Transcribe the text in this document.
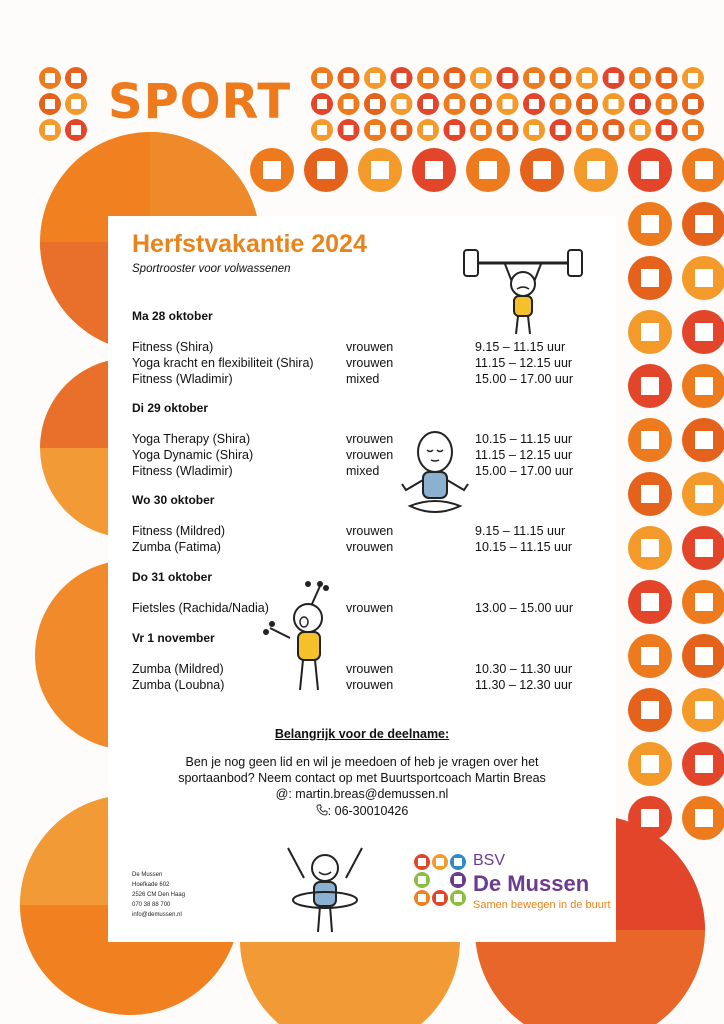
SPORT
Herfstvakantie 2024
Sportrooster voor volwassenen
Ma 28 oktober
Fitness (Shira)	vrouwen	9.15 – 11.15 uur
Yoga kracht en flexibiliteit (Shira)	vrouwen	11.15 – 12.15 uur
Fitness (Wladimir)	mixed	15.00 – 17.00 uur
Di 29 oktober
Yoga Therapy (Shira)	vrouwen	10.15 – 11.15 uur
Yoga Dynamic (Shira)	vrouwen	11.15 – 12.15 uur
Fitness (Wladimir)	mixed	15.00 – 17.00 uur
Wo 30 oktober
Fitness (Mildred)	vrouwen	9.15 – 11.15 uur
Zumba (Fatima)	vrouwen	10.15 – 11.15 uur
Do 31 oktober
Fietsles (Rachida/Nadia)	vrouwen	13.00 – 15.00 uur
Vr 1 november
Zumba (Mildred)	vrouwen	10.30 – 11.30 uur
Zumba (Loubna)	vrouwen	11.30 – 12.30 uur
Belangrijk voor de deelname:
Ben je nog geen lid en wil je meedoen of heb je vragen over het
sportaanbod? Neem contact op met Buurtsportcoach Martin Breas
@: martin.breas@demussen.nl
: 06-30010426
De Mussen
Hoefkade 602
2526 CM Den Haag
070 38 88 700
info@demussen.nl
BSV
De Mussen
Samen bewegen in de buurt
